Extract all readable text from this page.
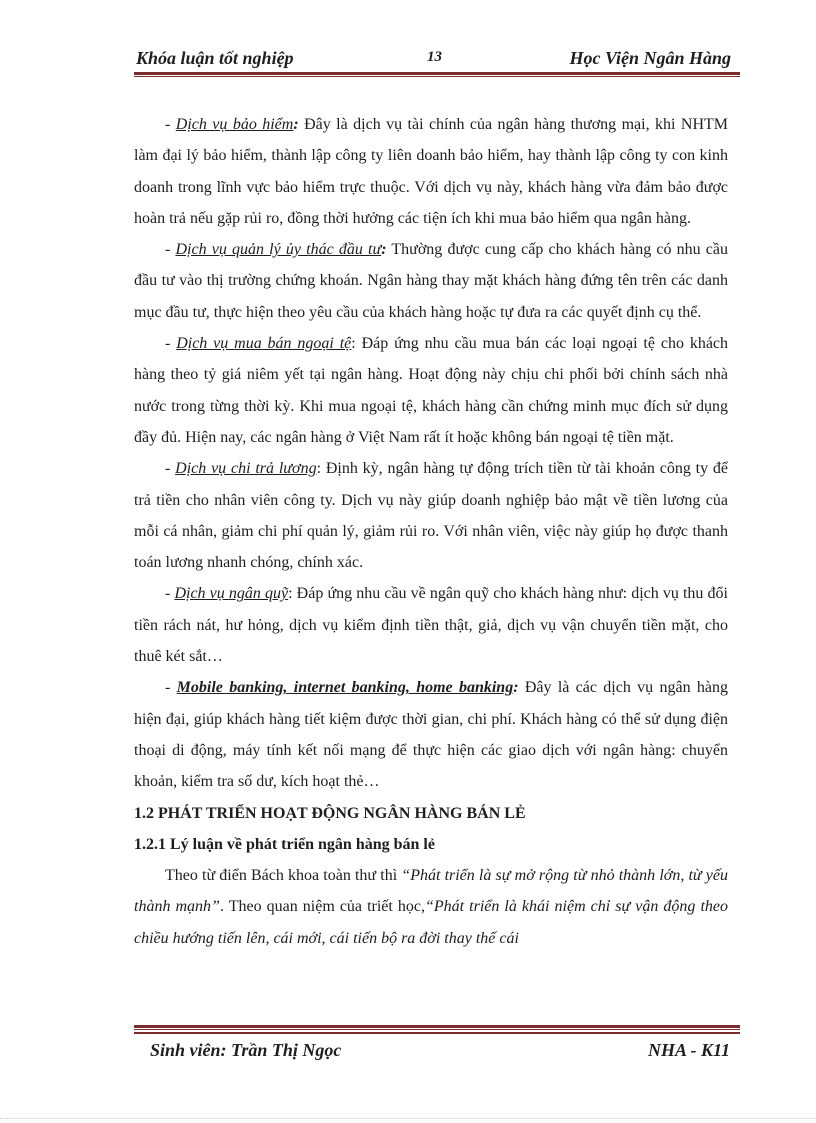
Khóa luận tốt nghiệp	13	Học Viện Ngân Hàng

- Dịch vụ bảo hiểm: Đây là dịch vụ tài chính của ngân hàng thương mại, khi NHTM làm đại lý bảo hiểm, thành lập công ty liên doanh bảo hiểm, hay thành lập công ty con kinh doanh trong lĩnh vực bảo hiểm trực thuộc. Với dịch vụ này, khách hàng vừa đảm bảo được hoàn trả nếu gặp rủi ro, đồng thời hưởng các tiện ích khi mua bảo hiểm qua ngân hàng.

- Dịch vụ quản lý ủy thác đầu tư: Thường được cung cấp cho khách hàng có nhu cầu đầu tư vào thị trường chứng khoán. Ngân hàng thay mặt khách hàng đứng tên trên các danh mục đầu tư, thực hiện theo yêu cầu của khách hàng hoặc tự đưa ra các quyết định cụ thể.

- Dịch vụ mua bán ngoại tệ: Đáp ứng nhu cầu mua bán các loại ngoại tệ cho khách hàng theo tỷ giá niêm yết tại ngân hàng. Hoạt động này chịu chi phối bởi chính sách nhà nước trong từng thời kỳ. Khi mua ngoại tệ, khách hàng cần chứng minh mục đích sử dụng đầy đủ. Hiện nay, các ngân hàng ở Việt Nam rất ít hoặc không bán ngoại tệ tiền mặt.

- Dịch vụ chi trả lương: Định kỳ, ngân hàng tự động trích tiền từ tài khoản công ty để trả tiền cho nhân viên công ty. Dịch vụ này giúp doanh nghiệp bảo mật về tiền lương của mỗi cá nhân, giảm chi phí quản lý, giảm rủi ro. Với nhân viên, việc này giúp họ được thanh toán lương nhanh chóng, chính xác.

- Dịch vụ ngân quỹ: Đáp ứng nhu cầu về ngân quỹ cho khách hàng như: dịch vụ thu đổi tiền rách nát, hư hỏng, dịch vụ kiểm định tiền thật, giả, dịch vụ vận chuyển tiền mặt, cho thuê két sắt…

- Mobile banking, internet banking, home banking: Đây là các dịch vụ ngân hàng hiện đại, giúp khách hàng tiết kiệm được thời gian, chi phí. Khách hàng có thể sử dụng điện thoại di động, máy tính kết nối mạng để thực hiện các giao dịch với ngân hàng: chuyển khoản, kiểm tra số dư, kích hoạt thẻ…

1.2 PHÁT TRIỂN HOẠT ĐỘNG NGÂN HÀNG BÁN LẺ

1.2.1 Lý luận về phát triển ngân hàng bán lẻ

Theo từ điển Bách khoa toàn thư thì “Phát triển là sự mở rộng từ nhỏ thành lớn, từ yếu thành mạnh”. Theo quan niệm của triết học,“Phát triển là khái niệm chỉ sự vận động theo chiều hướng tiến lên, cái mới, cái tiến bộ ra đời thay thế cái

Sinh viên: Trần Thị Ngọc	NHA - K11
